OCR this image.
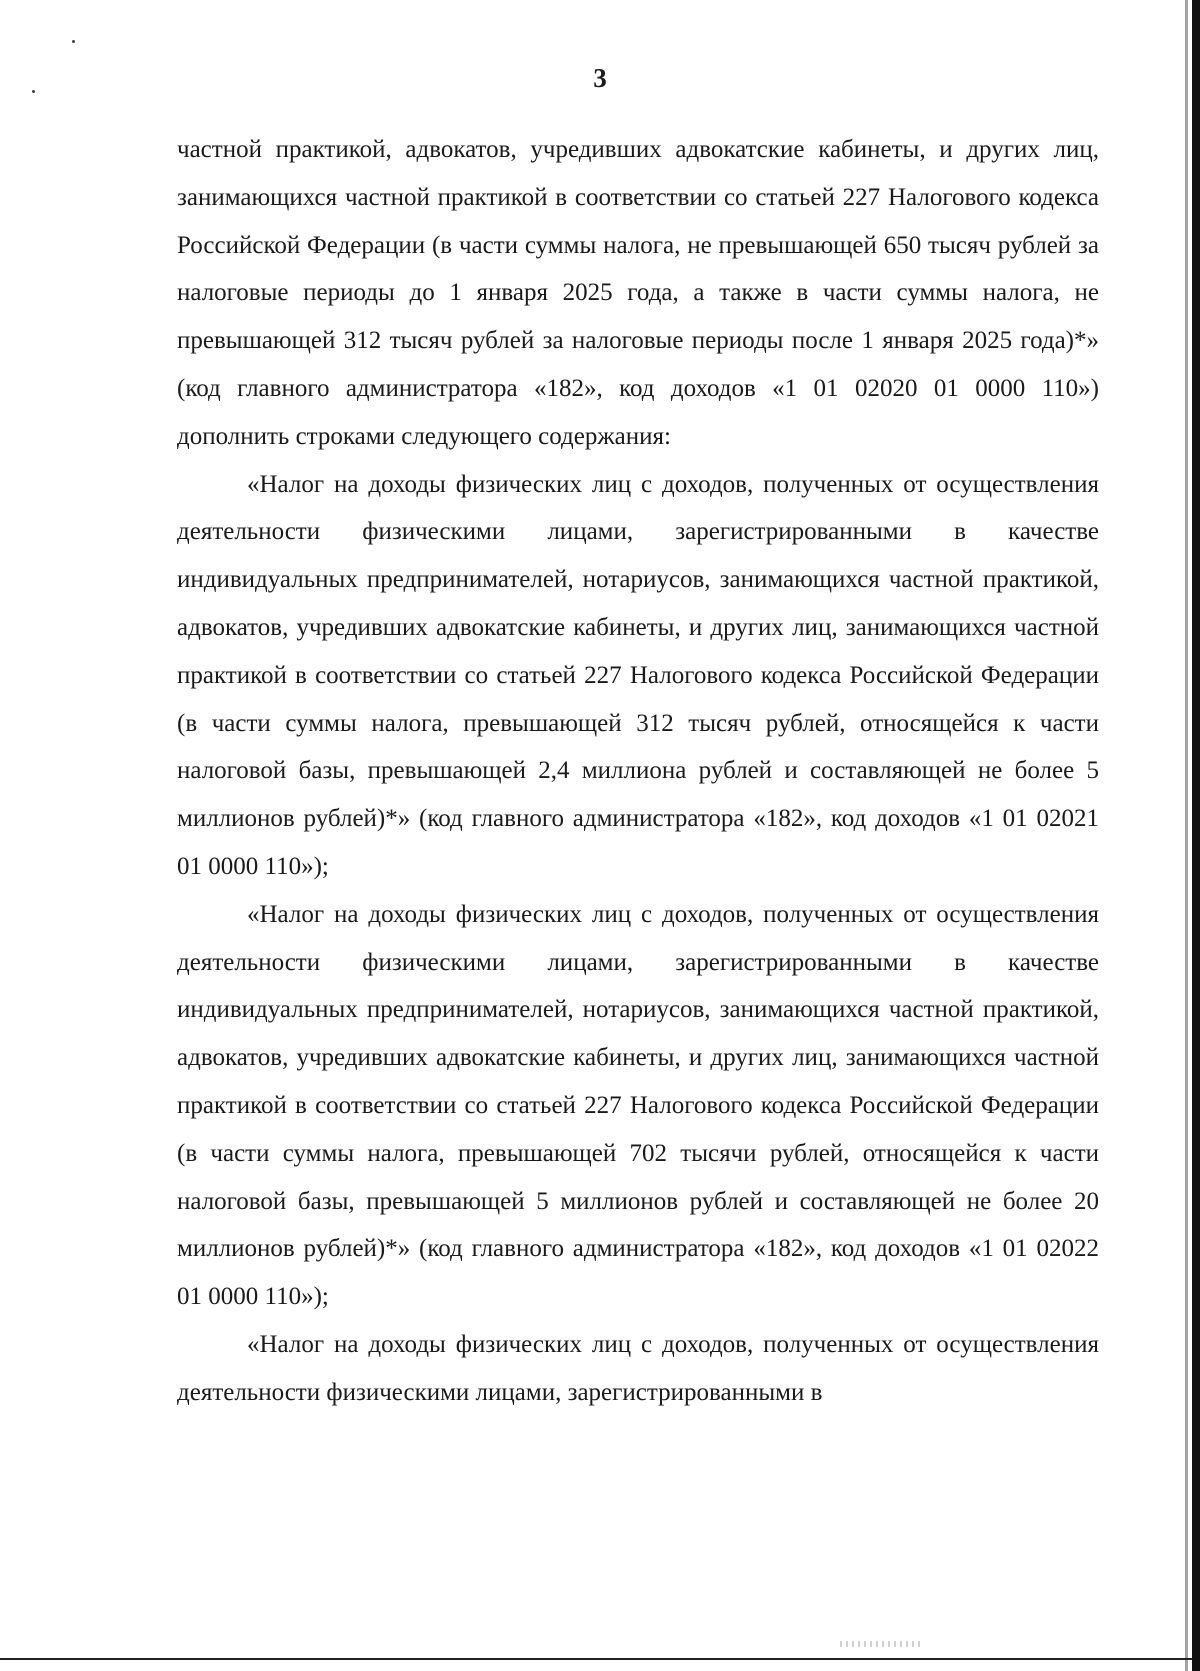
3

частной практикой, адвокатов, учредивших адвокатские кабинеты, и других лиц, занимающихся частной практикой в соответствии со статьей 227 Налогового кодекса Российской Федерации (в части суммы налога, не превышающей 650 тысяч рублей за налоговые периоды до 1 января 2025 года, а также в части суммы налога, не превышающей 312 тысяч рублей за налоговые периоды после 1 января 2025 года)*» (код главного администратора «182», код доходов «1 01 02020 01 0000 110») дополнить строками следующего содержания:

«Налог на доходы физических лиц с доходов, полученных от осуществления деятельности физическими лицами, зарегистрированными в качестве индивидуальных предпринимателей, нотариусов, занимающихся частной практикой, адвокатов, учредивших адвокатские кабинеты, и других лиц, занимающихся частной практикой в соответствии со статьей 227 Налогового кодекса Российской Федерации (в части суммы налога, превышающей 312 тысяч рублей, относящейся к части налоговой базы, превышающей 2,4 миллиона рублей и составляющей не более 5 миллионов рублей)*» (код главного администратора «182», код доходов «1 01 02021 01 0000 110»);

«Налог на доходы физических лиц с доходов, полученных от осуществления деятельности физическими лицами, зарегистрированными в качестве индивидуальных предпринимателей, нотариусов, занимающихся частной практикой, адвокатов, учредивших адвокатские кабинеты, и других лиц, занимающихся частной практикой в соответствии со статьей 227 Налогового кодекса Российской Федерации (в части суммы налога, превышающей 702 тысячи рублей, относящейся к части налоговой базы, превышающей 5 миллионов рублей и составляющей не более 20 миллионов рублей)*» (код главного администратора «182», код доходов «1 01 02022 01 0000 110»);

«Налог на доходы физических лиц с доходов, полученных от осуществления деятельности физическими лицами, зарегистрированными в
